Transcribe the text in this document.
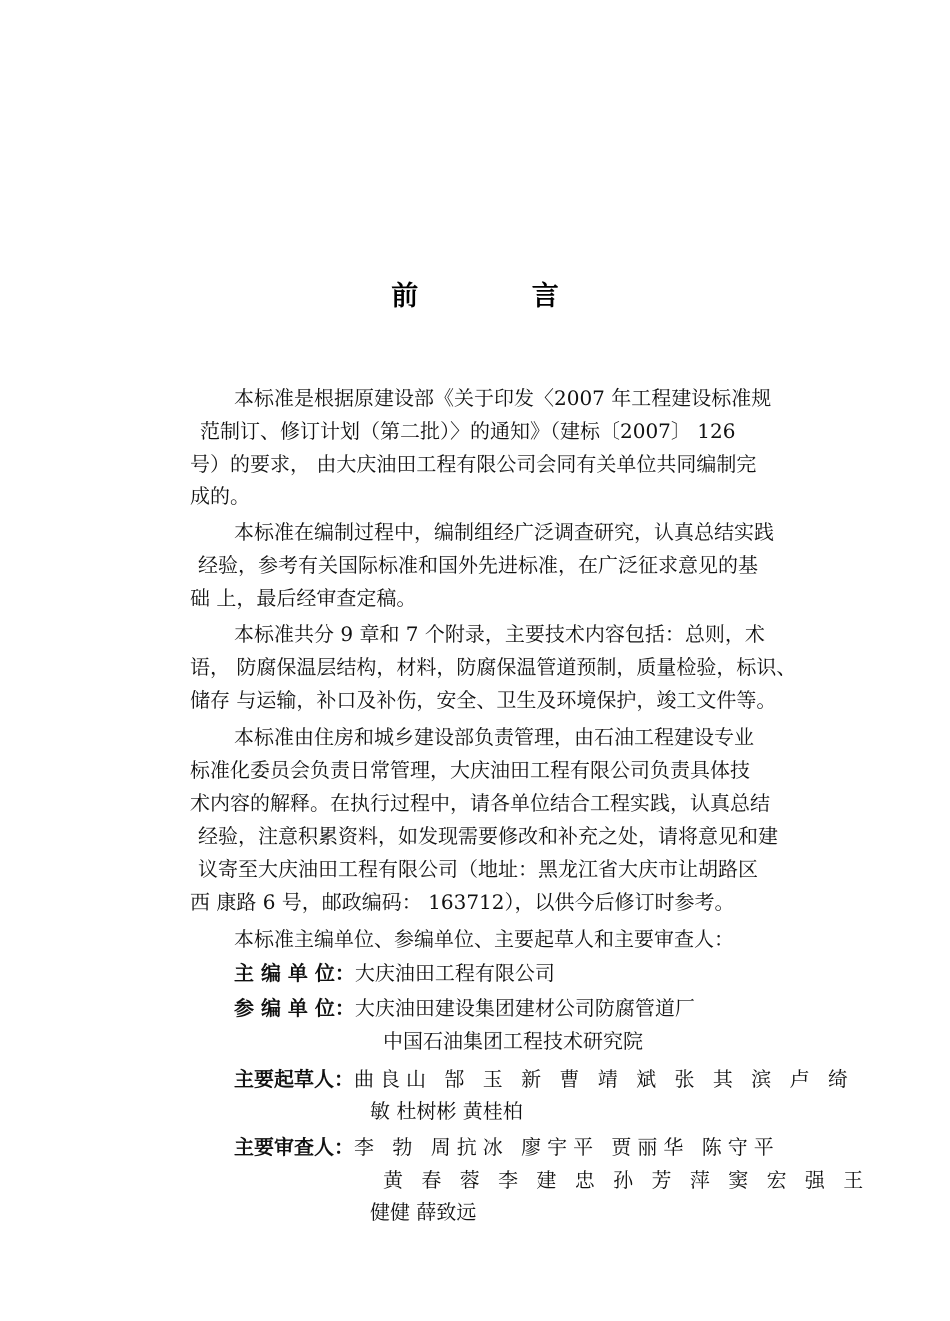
前 言
本标准是根据原建设部《关于印发〈2007 年工程建设标准规
范制订、修订计划（第二批）〉的通知》（建标〔2007〕 126
号）的要求， 由大庆油田工程有限公司会同有关单位共同编制完
成的。
本标准在编制过程中，编制组经广泛调查研究，认真总结实践
经验，参考有关国际标准和国外先进标准，在广泛征求意见的基
础 上，最后经审查定稿。
本标准共分 9 章和 7 个附录，主要技术内容包括：总则，术
语， 防腐保温层结构，材料，防腐保温管道预制，质量检验，标识、
储存 与运输，补口及补伤，安全、卫生及环境保护，竣工文件等。
本标准由住房和城乡建设部负责管理，由石油工程建设专业
标准化委员会负责日常管理，大庆油田工程有限公司负责具体技
术内容的解释。在执行过程中，请各单位结合工程实践，认真总结
经验，注意积累资料，如发现需要修改和补充之处，请将意见和建
议寄至大庆油田工程有限公司（地址：黑龙江省大庆市让胡路区
西 康路 6 号，邮政编码： 163712），以供今后修订时参考。
本标准主编单位、参编单位、主要起草人和主要审查人：
主 编 单 位：大庆油田工程有限公司
参 编 单 位：大庆油田建设集团建材公司防腐管道厂
中国石油集团工程技术研究院
主要起草人：曲良山 郜 玉 新 曹 靖 斌 张 其 滨 卢 绮
敏 杜树彬 黄桂柏
主要审查人：李 勃 周抗冰 廖宇平 贾丽华 陈守平
黄 春 蓉 李 建 忠 孙 芳 萍 窦 宏 强 王
健健 薛致远
